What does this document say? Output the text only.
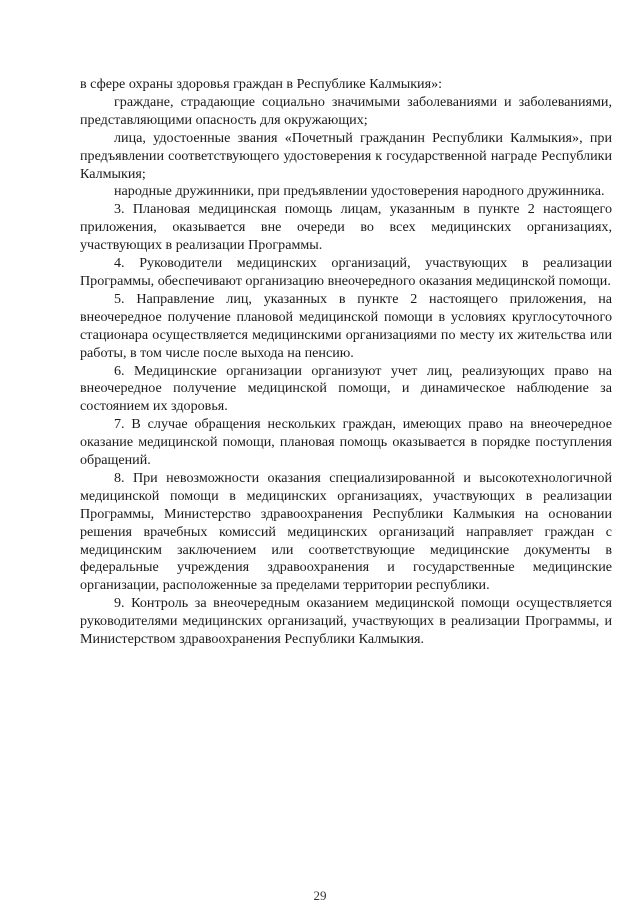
в сфере охраны здоровья граждан в Республике Калмыкия»:

граждане, страдающие социально значимыми заболеваниями и заболеваниями, представляющими опасность для окружающих;

лица, удостоенные звания «Почетный гражданин Республики Калмыкия», при предъявлении соответствующего удостоверения к государственной награде Республики Калмыкия;

народные дружинники, при предъявлении удостоверения народного дружинника.

3. Плановая медицинская помощь лицам, указанным в пункте 2 настоящего приложения, оказывается вне очереди во всех медицинских организациях, участвующих в реализации Программы.

4. Руководители медицинских организаций, участвующих в реализации Программы, обеспечивают организацию внеочередного оказания медицинской помощи.

5. Направление лиц, указанных в пункте 2 настоящего приложения, на внеочередное получение плановой медицинской помощи в условиях круглосуточного стационара осуществляется медицинскими организациями по месту их жительства или работы, в том числе после выхода на пенсию.

6. Медицинские организации организуют учет лиц, реализующих право на внеочередное получение медицинской помощи, и динамическое наблюдение за состоянием их здоровья.

7. В случае обращения нескольких граждан, имеющих право на внеочередное оказание медицинской помощи, плановая помощь оказывается в порядке поступления обращений.

8. При невозможности оказания специализированной и высокотехнологичной медицинской помощи в медицинских организациях, участвующих в реализации Программы, Министерство здравоохранения Республики Калмыкия на основании решения врачебных комиссий медицинских организаций направляет граждан с медицинским заключением или соответствующие медицинские документы в федеральные учреждения здравоохранения и государственные медицинские организации, расположенные за пределами территории республики.

9. Контроль за внеочередным оказанием медицинской помощи осуществляется руководителями медицинских организаций, участвующих в реализации Программы, и Министерством здравоохранения Республики Калмыкия.

29
